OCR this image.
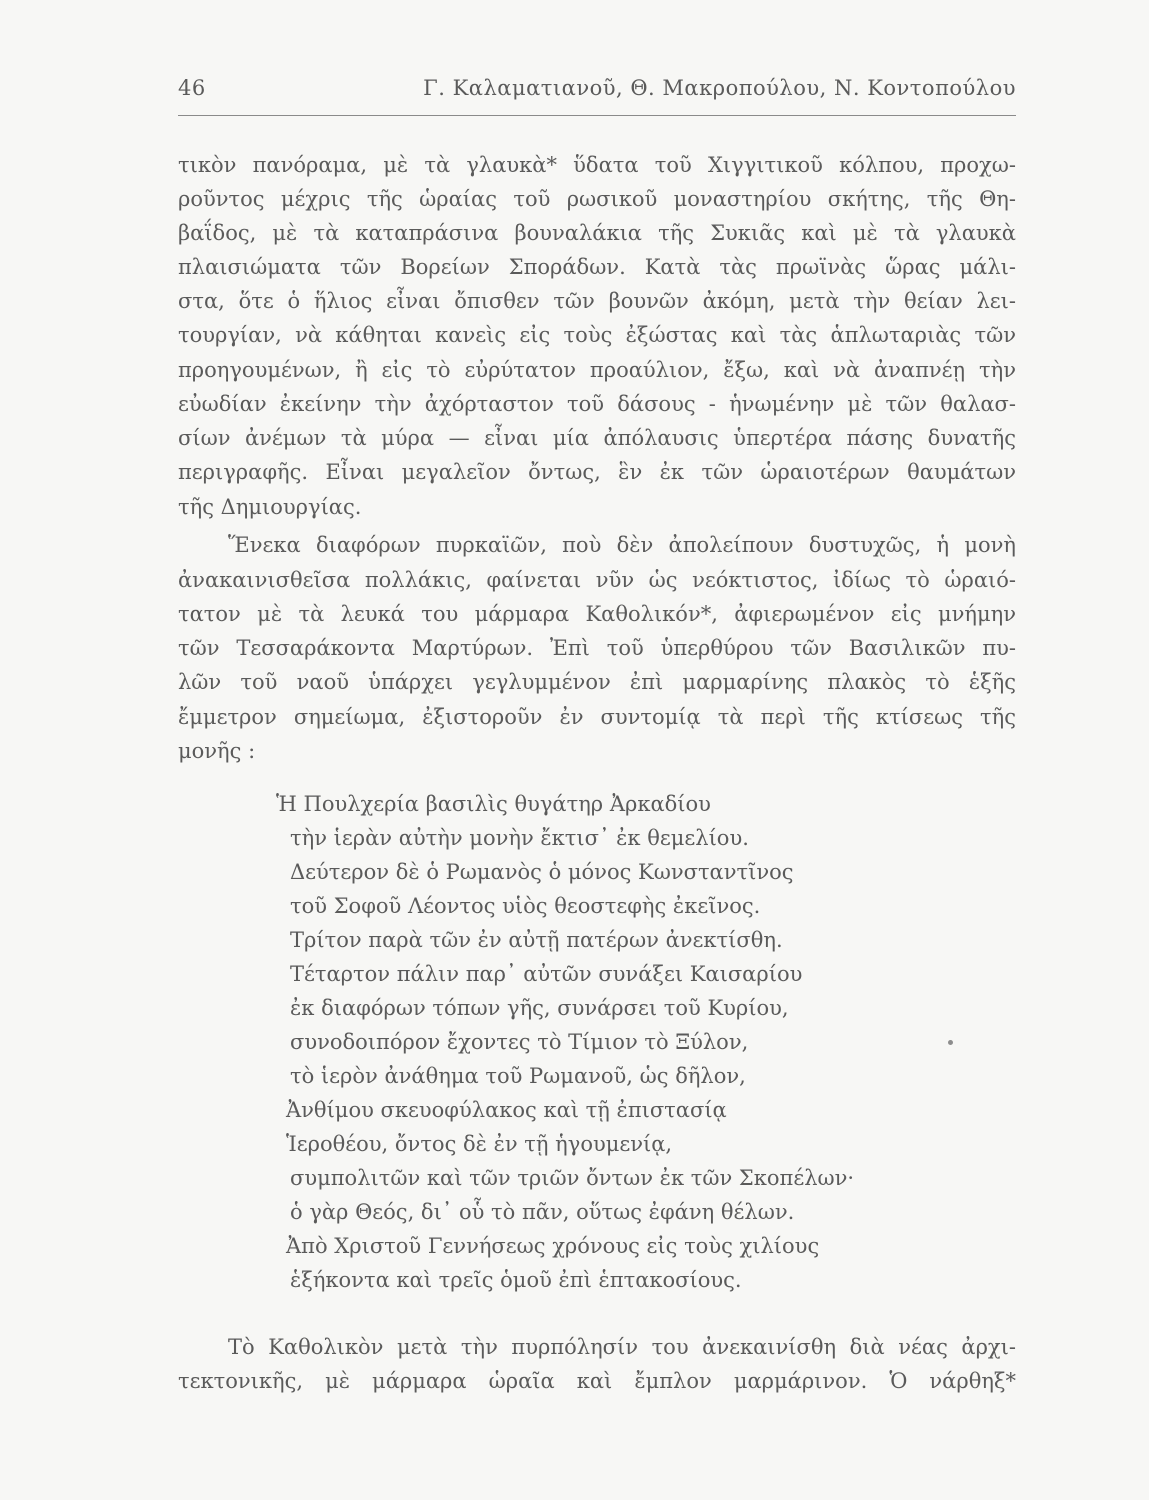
46	Γ. Καλαματιανοῦ, Θ. Μακροπούλου, Ν. Κοντοπούλου
τικὸν πανόραμα, μὲ τὰ γλαυκὰ* ὕδατα τοῦ Χιγγιτικοῦ κόλπου, προχω-
ροῦντος μέχρις τῆς ὡραίας τοῦ ρωσικοῦ μοναστηρίου σκήτης, τῆς Θη-
βαΐδος, μὲ τὰ καταπράσινα βουναλάκια τῆς Συκιᾶς καὶ μὲ τὰ γλαυκὰ
πλαισιώματα τῶν Βορείων Σποράδων. Κατὰ τὰς πρωϊνὰς ὥρας μάλι-
στα, ὅτε ὁ ἥλιος εἶναι ὄπισθεν τῶν βουνῶν ἀκόμη, μετὰ τὴν θείαν λει-
τουργίαν, νὰ κάθηται κανεὶς εἰς τοὺς ἐξώστας καὶ τὰς ἁπλωταριὰς τῶν
προηγουμένων, ἢ εἰς τὸ εὐρύτατον προαύλιον, ἔξω, καὶ νὰ ἀναπνέῃ τὴν
εὐωδίαν ἐκείνην τὴν ἀχόρταστον τοῦ δάσους - ἡνωμένην μὲ τῶν θαλασ-
σίων ἀνέμων τὰ μύρα — εἶναι μία ἀπόλαυσις ὑπερτέρα πάσης δυνατῆς
περιγραφῆς. Εἶναι μεγαλεῖον ὄντως, ἓν ἐκ τῶν ὡραιοτέρων θαυμάτων
τῆς Δημιουργίας.
Ἕνεκα διαφόρων πυρκαϊῶν, ποὺ δὲν ἀπολείπουν δυστυχῶς, ἡ μονὴ
ἀνακαινισθεῖσα πολλάκις, φαίνεται νῦν ὡς νεόκτιστος, ἰδίως τὸ ὡραιό-
τατον μὲ τὰ λευκά του μάρμαρα Καθολικόν*, ἀφιερωμένον εἰς μνήμην
τῶν Τεσσαράκοντα Μαρτύρων. Ἐπὶ τοῦ ὑπερθύρου τῶν Βασιλικῶν πυ-
λῶν τοῦ ναοῦ ὑπάρχει γεγλυμμένον ἐπὶ μαρμαρίνης πλακὸς τὸ ἑξῆς
ἔμμετρον σημείωμα, ἐξιστοροῦν ἐν συντομίᾳ τὰ περὶ τῆς κτίσεως τῆς
μονῆς :
Ἡ Πουλχερία βασιλὶς θυγάτηρ Ἀρκαδίου
τὴν ἱερὰν αὐτὴν μονὴν ἔκτισ᾽ ἐκ θεμελίου.
Δεύτερον δὲ ὁ Ρωμανὸς ὁ μόνος Κωνσταντῖνος
τοῦ Σοφοῦ Λέοντος υἱὸς θεοστεφὴς ἐκεῖνος.
Τρίτον παρὰ τῶν ἐν αὐτῇ πατέρων ἀνεκτίσθη.
Τέταρτον πάλιν παρ᾽ αὐτῶν συνάξει Καισαρίου
ἐκ διαφόρων τόπων γῆς, συνάρσει τοῦ Κυρίου,
συνοδοιπόρον ἔχοντες τὸ Τίμιον τὸ Ξύλον,
τὸ ἱερὸν ἀνάθημα τοῦ Ρωμανοῦ, ὡς δῆλον,
Ἀνθίμου σκευοφύλακος καὶ τῇ ἐπιστασίᾳ
Ἱεροθέου, ὄντος δὲ ἐν τῇ ἡγουμενίᾳ,
συμπολιτῶν καὶ τῶν τριῶν ὄντων ἐκ τῶν Σκοπέλων·
ὁ γὰρ Θεός, δι᾽ οὗ τὸ πᾶν, οὕτως ἐφάνη θέλων.
Ἀπὸ Χριστοῦ Γεννήσεως χρόνους εἰς τοὺς χιλίους
ἑξήκοντα καὶ τρεῖς ὁμοῦ ἐπὶ ἑπτακοσίους.
Τὸ Καθολικὸν μετὰ τὴν πυρπόλησίν του ἀνεκαινίσθη διὰ νέας ἀρχι-
τεκτονικῆς, μὲ μάρμαρα ὡραῖα καὶ ἔμπλον μαρμάρινον. Ὁ νάρθηξ*
